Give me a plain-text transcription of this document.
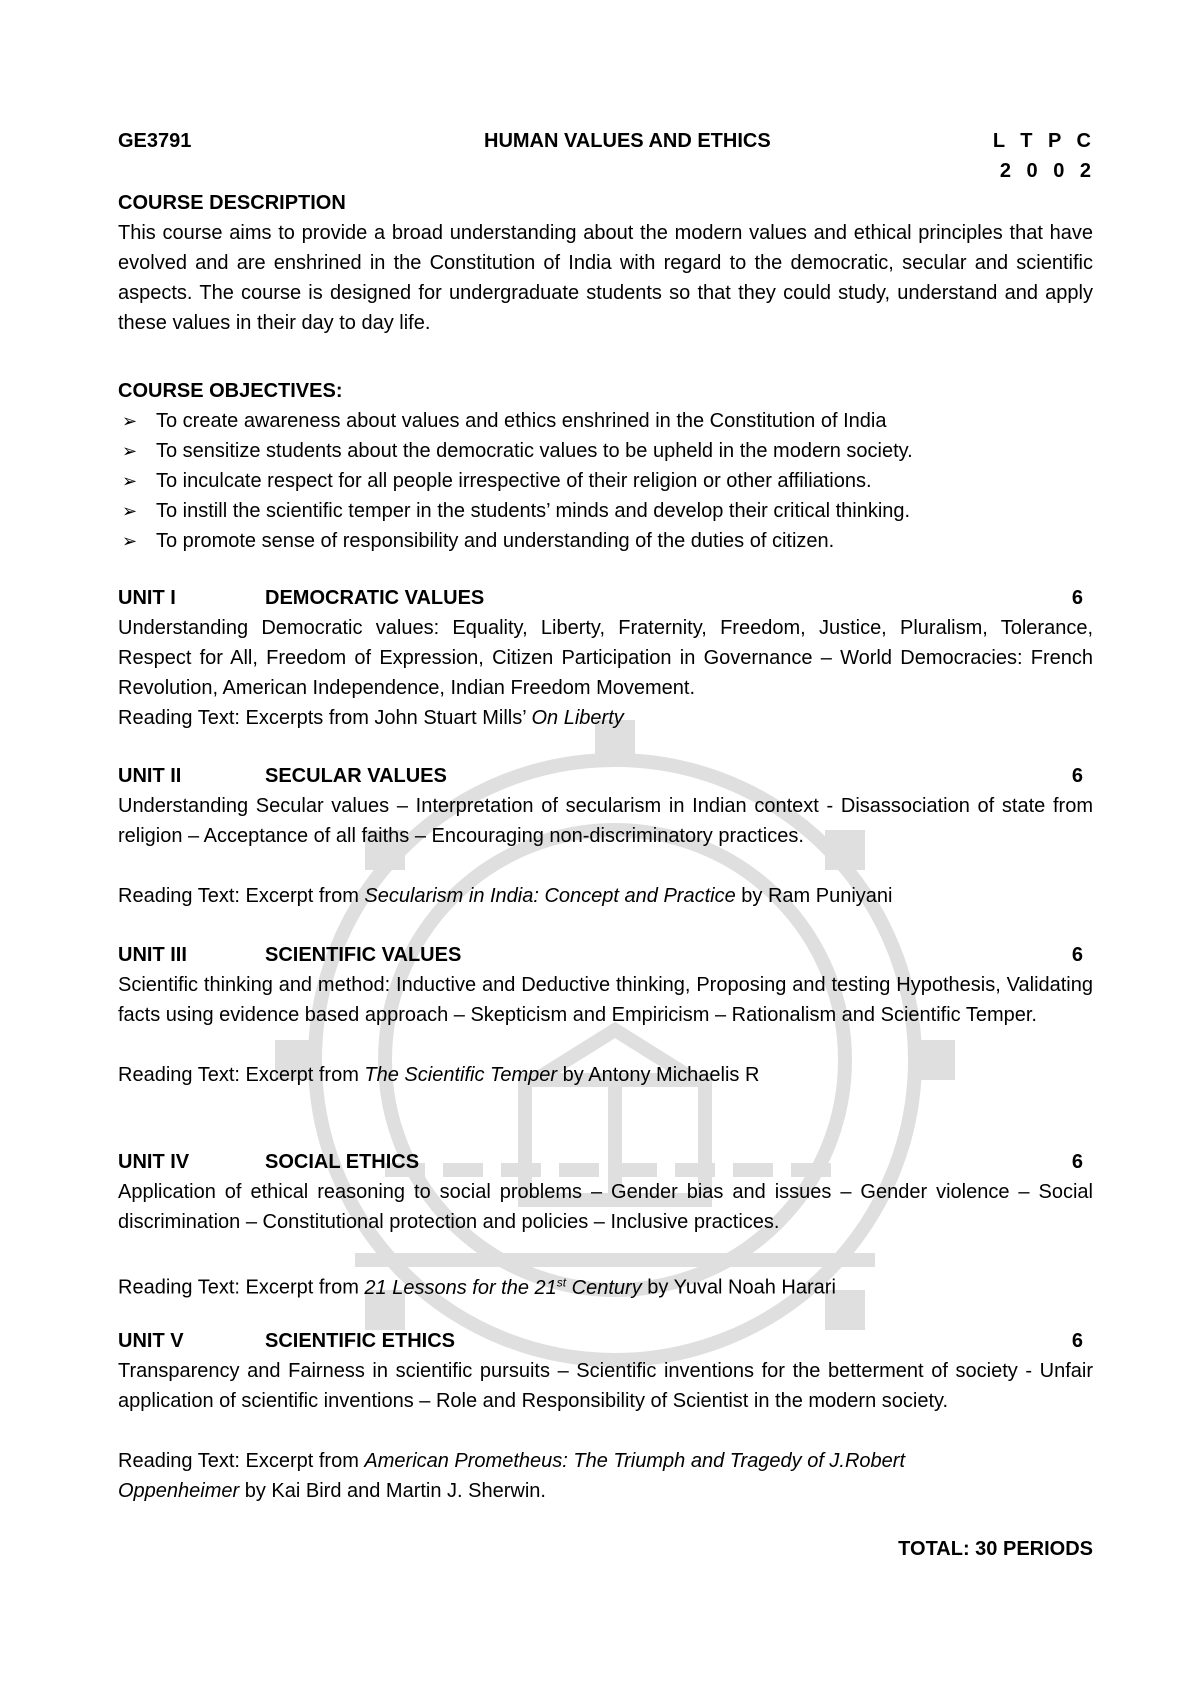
GE3791	HUMAN VALUES AND ETHICS	L T P C
2 0 0 2
COURSE DESCRIPTION
This course aims to provide a broad understanding about the modern values and ethical principles that have evolved and are enshrined in the Constitution of India with regard to the democratic, secular and scientific aspects. The course is designed for undergraduate students so that they could study, understand and apply these values in their day to day life.
COURSE OBJECTIVES:
➢ To create awareness about values and ethics enshrined in the Constitution of India
➢ To sensitize students about the democratic values to be upheld in the modern society.
➢ To inculcate respect for all people irrespective of their religion or other affiliations.
➢ To instill the scientific temper in the students’ minds and develop their critical thinking.
➢ To promote sense of responsibility and understanding of the duties of citizen.
UNIT I	DEMOCRATIC VALUES	6
Understanding Democratic values: Equality, Liberty, Fraternity, Freedom, Justice, Pluralism, Tolerance, Respect for All, Freedom of Expression, Citizen Participation in Governance – World Democracies: French Revolution, American Independence, Indian Freedom Movement.
Reading Text: Excerpts from John Stuart Mills’ On Liberty
UNIT II	SECULAR VALUES	6
Understanding Secular values – Interpretation of secularism in Indian context - Disassociation of state from religion – Acceptance of all faiths – Encouraging non-discriminatory practices.
Reading Text: Excerpt from Secularism in India: Concept and Practice by Ram Puniyani
UNIT III	SCIENTIFIC VALUES	6
Scientific thinking and method: Inductive and Deductive thinking, Proposing and testing Hypothesis, Validating facts using evidence based approach – Skepticism and Empiricism – Rationalism and Scientific Temper.
Reading Text: Excerpt from The Scientific Temper by Antony Michaelis R
UNIT IV	SOCIAL ETHICS	6
Application of ethical reasoning to social problems – Gender bias and issues – Gender violence – Social discrimination – Constitutional protection and policies – Inclusive practices.
Reading Text: Excerpt from 21 Lessons for the 21st Century by Yuval Noah Harari
UNIT V	SCIENTIFIC ETHICS	6
Transparency and Fairness in scientific pursuits – Scientific inventions for the betterment of society - Unfair application of scientific inventions – Role and Responsibility of Scientist in the modern society.
Reading Text: Excerpt from American Prometheus: The Triumph and Tragedy of J.Robert Oppenheimer by Kai Bird and Martin J. Sherwin.
TOTAL: 30 PERIODS
